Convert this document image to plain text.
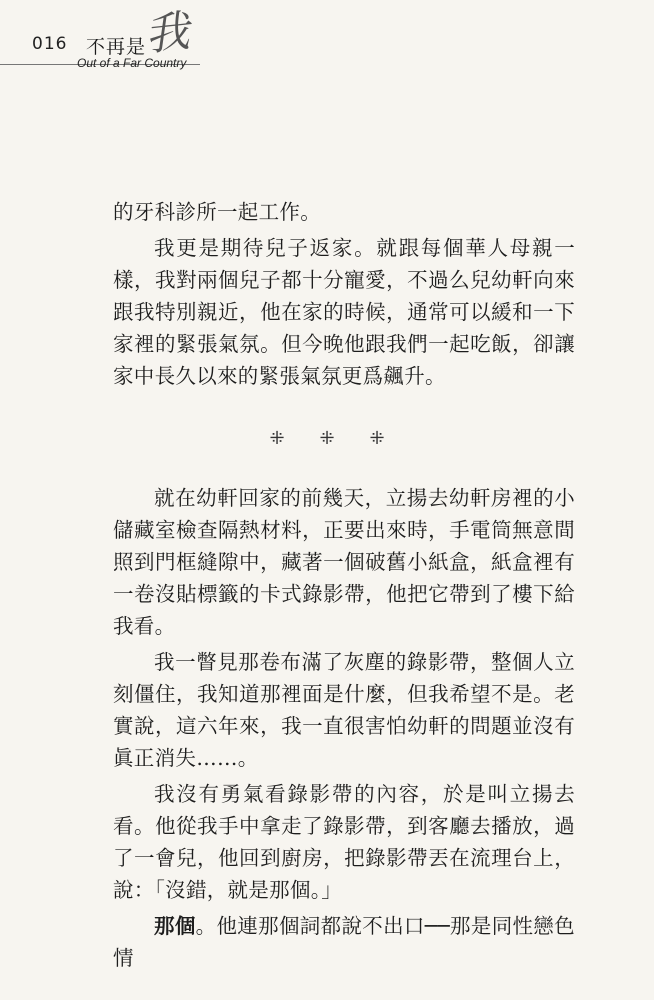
016 不再是
我
Out of a Far Country

的牙科診所一起工作。

我更是期待兒子返家。就跟每個華人母親一樣，我對兩個兒子都十分寵愛，不過么兒幼軒向來跟我特別親近，他在家的時候，通常可以緩和一下家裡的緊張氣氛。但今晚他跟我們一起吃飯，卻讓家中長久以來的緊張氣氛更爲飆升。

⁜ ⁜ ⁜

就在幼軒回家的前幾天，立揚去幼軒房裡的小儲藏室檢查隔熱材料，正要出來時，手電筒無意間照到門框縫隙中，藏著一個破舊小紙盒，紙盒裡有一卷沒貼標籤的卡式錄影帶，他把它帶到了樓下給我看。

我一瞥見那卷布滿了灰塵的錄影帶，整個人立刻僵住，我知道那裡面是什麼，但我希望不是。老實說，這六年來，我一直很害怕幼軒的問題並沒有眞正消失……。

我沒有勇氣看錄影帶的內容，於是叫立揚去看。他從我手中拿走了錄影帶，到客廳去播放，過了一會兒，他回到廚房，把錄影帶丟在流理台上，說：「沒錯，就是那個。」

那個。他連那個詞都說不出口──那是同性戀色情
